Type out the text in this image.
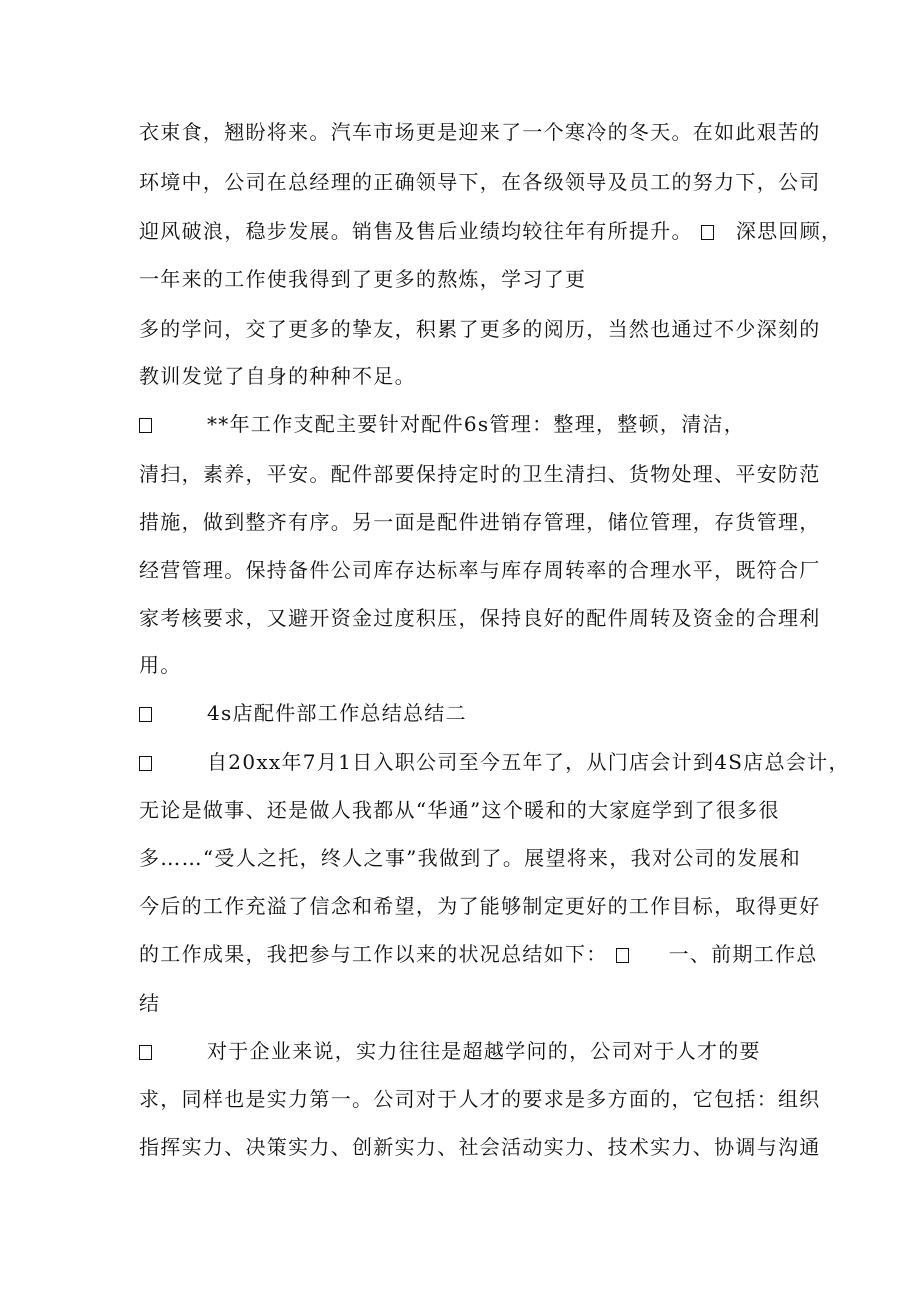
衣束食，翘盼将来。汽车市场更是迎来了一个寒冷的冬天。在如此艰苦的
环境中，公司在总经理的正确领导下，在各级领导及员工的努力下，公司
迎风破浪，稳步发展。销售及售后业绩均较往年有所提升。 深思回顾，
一年来的工作使我得到了更多的熬炼，学习了更
多的学问，交了更多的挚友，积累了更多的阅历，当然也通过不少深刻的
教训发觉了自身的种种不足。
**年工作支配主要针对配件6s管理：整理，整顿，清洁，
清扫，素养，平安。配件部要保持定时的卫生清扫、货物处理、平安防范
措施，做到整齐有序。另一面是配件进销存管理，储位管理，存货管理，
经营管理。保持备件公司库存达标率与库存周转率的合理水平，既符合厂
家考核要求，又避开资金过度积压，保持良好的配件周转及资金的合理利
用。
4s店配件部工作总结总结二
自20xx年7月1日入职公司至今五年了，从门店会计到4S店总会计，
无论是做事、还是做人我都从“华通”这个暖和的大家庭学到了很多很
多……“受人之托，终人之事”我做到了。展望将来，我对公司的发展和
今后的工作充溢了信念和希望，为了能够制定更好的工作目标，取得更好
的工作成果，我把参与工作以来的状况总结如下：	一、前期工作总
结
对于企业来说，实力往往是超越学问的，公司对于人才的要
求，同样也是实力第一。公司对于人才的要求是多方面的，它包括：组织
指挥实力、决策实力、创新实力、社会活动实力、技术实力、协调与沟通
